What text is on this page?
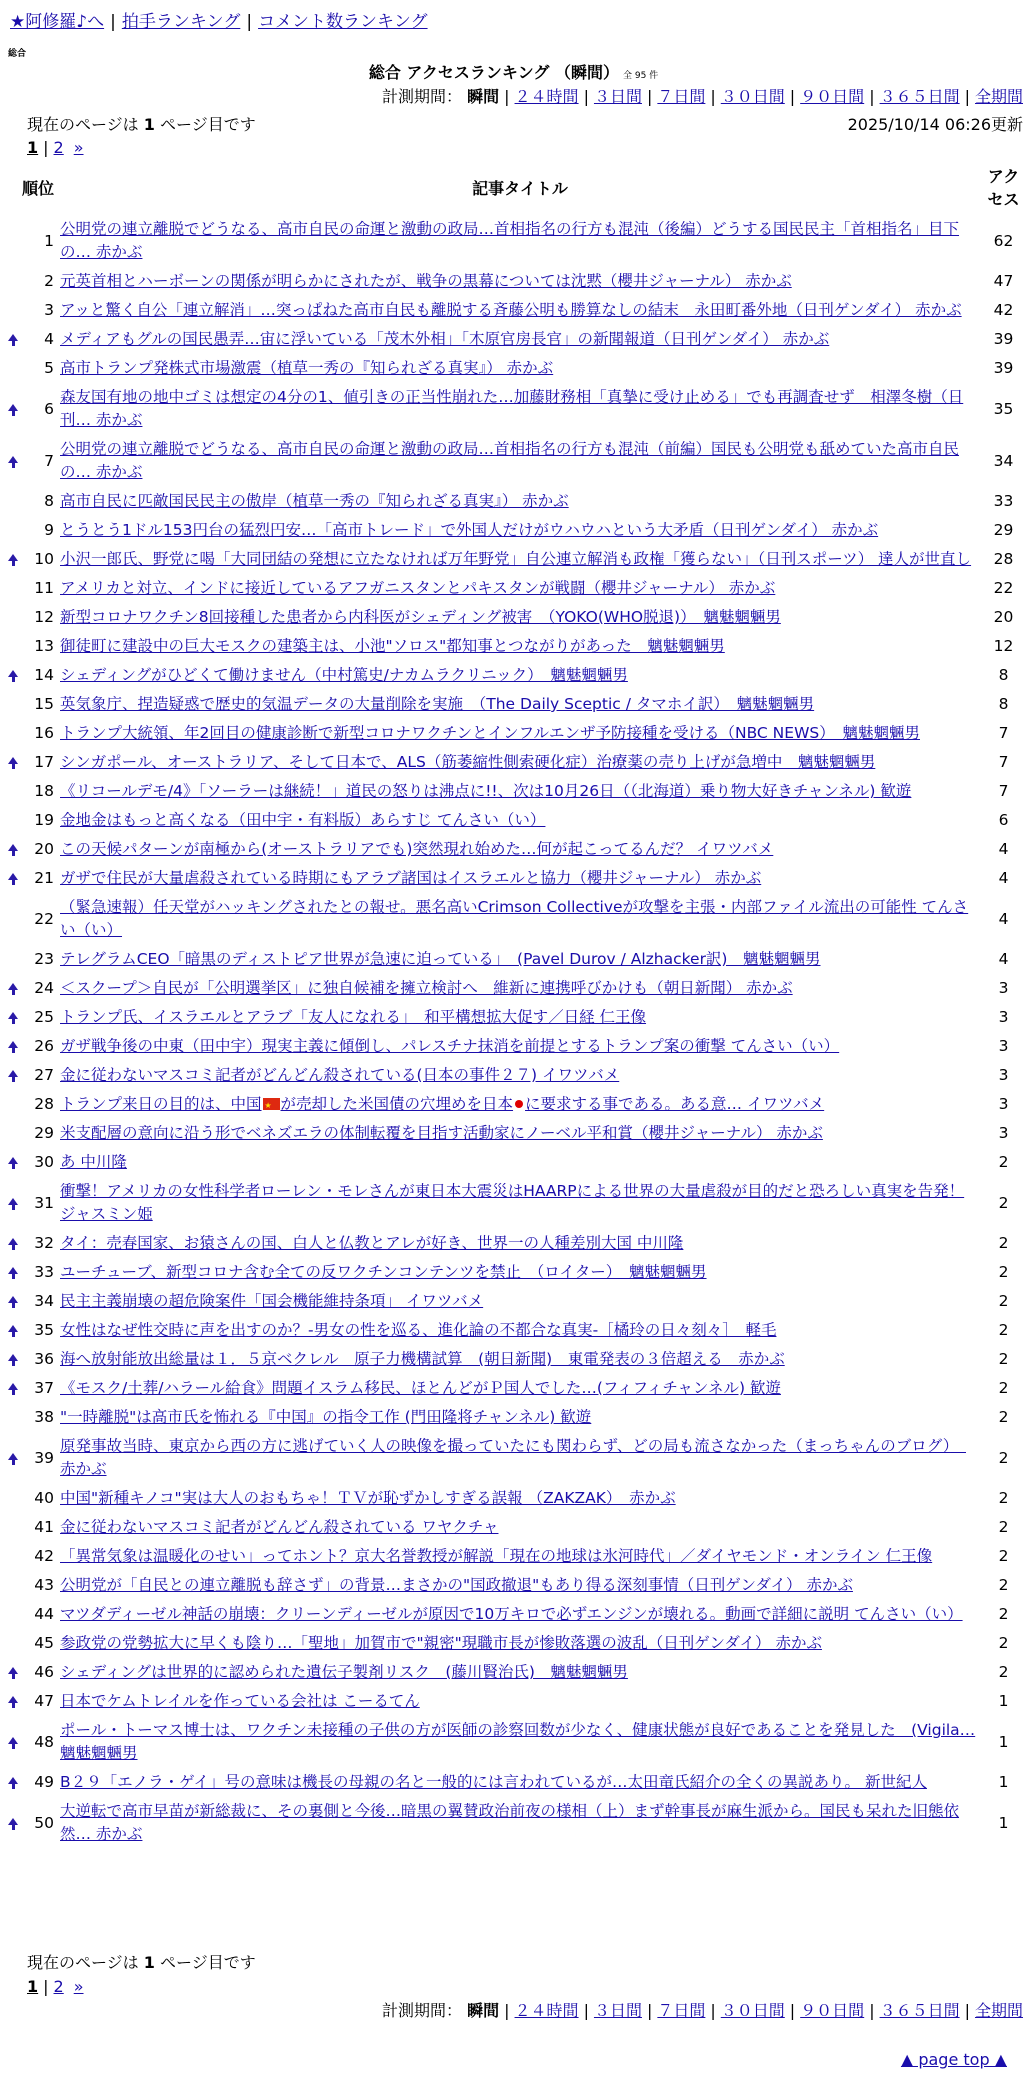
★阿修羅♪へ | 拍手ランキング | コメント数ランキング
総合
総合 アクセスランキング （瞬間） 全 95 件
計測期間： 瞬間 | ２４時間 | ３日間 | ７日間 | ３０日間 | ９０日間 | ３６５日間 | 全期間
現在のページは 1 ページ目です	2025/10/14 06:26更新
1 | 2 »
	順位	記事タイトル	アクセス
	1	公明党の連立離脱でどうなる、高市自民の命運と激動の政局…首相指名の行方も混沌（後編）どうする国民民主「首相指名」目下の… 赤かぶ	62
	2	元英首相とハーボーンの関係が明らかにされたが、戦争の黒幕については沈黙（櫻井ジャーナル） 赤かぶ	47
	3	アッと驚く自公「連立解消」…突っぱねた高市自民も離脱する斉藤公明も勝算なしの結末　永田町番外地（日刊ゲンダイ） 赤かぶ	42
	4	メディアもグルの国民愚弄…宙に浮いている「茂木外相」「木原官房長官」の新聞報道（日刊ゲンダイ） 赤かぶ	39
	5	高市トランプ発株式市場激震（植草一秀の『知られざる真実』） 赤かぶ	39
	6	森友国有地の地中ゴミは想定の4分の1、値引きの正当性崩れた…加藤財務相「真摯に受け止める」でも再調査せず　相澤冬樹（日刊… 赤かぶ	35
	7	公明党の連立離脱でどうなる、高市自民の命運と激動の政局…首相指名の行方も混沌（前編）国民も公明党も舐めていた高市自民の… 赤かぶ	34
	8	高市自民に匹敵国民民主の傲岸（植草一秀の『知られざる真実』） 赤かぶ	33
	9	とうとう1ドル153円台の猛烈円安…「高市トレード」で外国人だけがウハウハという大矛盾（日刊ゲンダイ） 赤かぶ	29
	10	小沢一郎氏、野党に喝「大同団結の発想に立たなければ万年野党」自公連立解消も政権「獲らない」（日刊スポーツ） 達人が世直し	28
	11	アメリカと対立、インドに接近しているアフガニスタンとパキスタンが戦闘（櫻井ジャーナル） 赤かぶ	22
	12	新型コロナワクチン8回接種した患者から内科医がシェディング被害　（YOKO(WHO脱退)）　魑魅魍魎男	20
	13	御徒町に建設中の巨大モスクの建築主は、小池"ソロス"都知事とつながりがあった　魑魅魍魎男	12
	14	シェディングがひどくて働けません（中村篤史/ナカムラクリニック）　魑魅魍魎男	8
	15	英気象庁、捏造疑惑で歴史的気温データの大量削除を実施　（The Daily Sceptic / タマホイ訳）　魑魅魍魎男	8
	16	トランプ大統領、年2回目の健康診断で新型コロナワクチンとインフルエンザ予防接種を受ける（NBC NEWS）　魑魅魍魎男	7
	17	シンガポール、オーストラリア、そして日本で、ALS（筋萎縮性側索硬化症）治療薬の売り上げが急増中　魑魅魍魎男	7
	18	《リコールデモ/4》「ソーラーは継続！」道民の怒りは沸点に!!、次は10月26日（（北海道）乗り物大好きチャンネル) 歓遊	7
	19	金地金はもっと高くなる（田中宇・有料版）あらすじ てんさい（い）	6
	20	この天候パターンが南極から(オーストラリアでも)突然現れ始めた…何が起こってるんだ？ イワツバメ	4
	21	ガザで住民が大量虐殺されている時期にもアラブ諸国はイスラエルと協力（櫻井ジャーナル） 赤かぶ	4
	22	（緊急速報）任天堂がハッキングされたとの報せ。悪名高いCrimson Collectiveが攻撃を主張・内部ファイル流出の可能性 てんさい（い）	4
	23	テレグラムCEO「暗黒のディストピア世界が急速に迫っている」　(Pavel Durov / Alzhacker訳)　魑魅魍魎男	4
	24	＜スクープ＞自民が「公明選挙区」に独自候補を擁立検討へ　維新に連携呼びかけも（朝日新聞） 赤かぶ	3
	25	トランプ氏、イスラエルとアラブ「友人になれる」　和平構想拡大促す／日経 仁王像	3
	26	ガザ戦争後の中東（田中宇）現実主義に傾倒し、パレスチナ抹消を前提とするトランプ案の衝撃 てんさい（い）	3
	27	金に従わないマスコミ記者がどんどん殺されている(日本の事件２７) イワツバメ	3
	28	トランプ来日の目的は、中国 ★ が売却した米国債の穴埋めを日本 に要求する事である。ある意… イワツバメ	3
	29	米支配層の意向に沿う形でベネズエラの体制転覆を目指す活動家にノーベル平和賞（櫻井ジャーナル） 赤かぶ	3
	30	あ 中川隆	2
	31	衝撃！アメリカの女性科学者ローレン・モレさんが東日本大震災はHAARPによる世界の大量虐殺が目的だと恐ろしい真実を告発！ ジャスミン姫	2
	32	タイ：売春国家、お猿さんの国、白人と仏教とアレが好き、世界一の人種差別大国 中川隆	2
	33	ユーチューブ、新型コロナ含む全ての反ワクチンコンテンツを禁止　（ロイター）　魑魅魍魎男	2
	34	民主主義崩壊の超危険案件「国会機能維持条項」 イワツバメ	2
	35	女性はなぜ性交時に声を出すのか？-男女の性を巡る、進化論の不都合な真実-［橘玲の日々刻々］　軽毛	2
	36	海へ放射能放出総量は１．５京ベクレル　原子力機構試算　(朝日新聞)　東電発表の３倍超える　赤かぶ	2
	37	《モスク/土葬/ハラール給食》問題イスラム移民、ほとんどがＰ国人でした…(フィフィチャンネル) 歓遊	2
	38	"一時離脱"は高市氏を怖れる『中国』の指令工作 (門田隆将チャンネル) 歓遊	2
	39	原発事故当時、東京から西の方に逃げていく人の映像を撮っていたにも関わらず、どの局も流さなかった（まっちゃんのブログ）　赤かぶ	2
	40	中国"新種キノコ"実は大人のおもちゃ！ＴＶが恥ずかしすぎる誤報 （ZAKZAK）　赤かぶ	2
	41	金に従わないマスコミ記者がどんどん殺されている ワヤクチャ	2
	42	「異常気象は温暖化のせい」ってホント？京大名誉教授が解説「現在の地球は氷河時代」／ダイヤモンド・オンライン 仁王像	2
	43	公明党が「自民との連立離脱も辞さず」の背景…まさかの"国政撤退"もあり得る深刻事情（日刊ゲンダイ） 赤かぶ	2
	44	マツダディーゼル神話の崩壊：クリーンディーゼルが原因で10万キロで必ずエンジンが壊れる。動画で詳細に説明 てんさい（い）	2
	45	参政党の党勢拡大に早くも陰り…「聖地」加賀市で"親密"現職市長が惨敗落選の波乱（日刊ゲンダイ） 赤かぶ	2
	46	シェディングは世界的に認められた遺伝子製剤リスク　(藤川賢治氏)　魑魅魍魎男	2
	47	日本でケムトレイルを作っている会社は こーるてん	1
	48	ポール・トーマス博士は、ワクチン未接種の子供の方が医師の診察回数が少なく、健康状態が良好であることを発見した　(Vigila… 魑魅魍魎男	1
	49	B２９「エノラ・ゲイ」号の意味は機長の母親の名と一般的には言われているが…太田竜氏紹介の全くの異説あり。 新世紀人	1
	50	大逆転で高市早苗が新総裁に、その裏側と今後…暗黒の翼賛政治前夜の様相（上）まず幹事長が麻生派から。国民も呆れた旧態依然… 赤かぶ	1
現在のページは 1 ページ目です
1 | 2 »
計測期間： 瞬間 | ２４時間 | ３日間 | ７日間 | ３０日間 | ９０日間 | ３６５日間 | 全期間
▲ page top ▲
